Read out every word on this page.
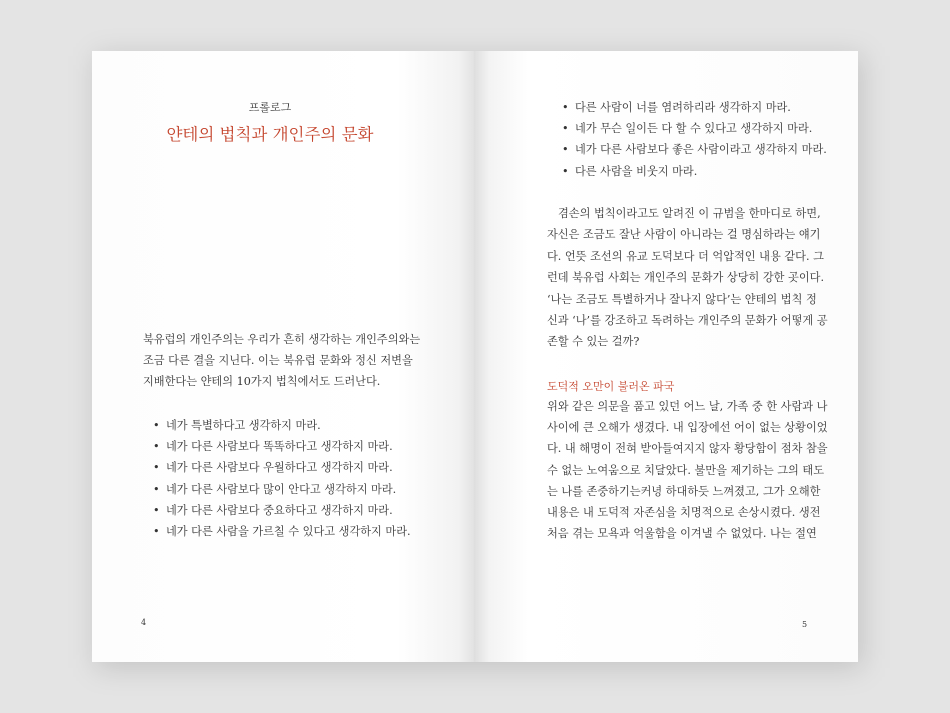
프롤로그
얀테의 법칙과 개인주의 문화
북유럽의 개인주의는 우리가 흔히 생각하는 개인주의와는
조금 다른 결을 지닌다. 이는 북유럽 문화와 정신 저변을
지배한다는 얀테의 10가지 법칙에서도 드러난다.
• 네가 특별하다고 생각하지 마라.
• 네가 다른 사람보다 똑똑하다고 생각하지 마라.
• 네가 다른 사람보다 우월하다고 생각하지 마라.
• 네가 다른 사람보다 많이 안다고 생각하지 마라.
• 네가 다른 사람보다 중요하다고 생각하지 마라.
• 네가 다른 사람을 가르칠 수 있다고 생각하지 마라.
4
• 다른 사람이 너를 염려하리라 생각하지 마라.
• 네가 무슨 일이든 다 할 수 있다고 생각하지 마라.
• 네가 다른 사람보다 좋은 사람이라고 생각하지 마라.
• 다른 사람을 비웃지 마라.
겸손의 법칙이라고도 알려진 이 규범을 한마디로 하면,
자신은 조금도 잘난 사람이 아니라는 걸 명심하라는 얘기
다. 언뜻 조선의 유교 도덕보다 더 억압적인 내용 같다. 그
런데 북유럽 사회는 개인주의 문화가 상당히 강한 곳이다.
‘나는 조금도 특별하거나 잘나지 않다’는 얀테의 법칙 정
신과 ‘나’를 강조하고 독려하는 개인주의 문화가 어떻게 공
존할 수 있는 걸까?
도덕적 오만이 불러온 파국
위와 같은 의문을 품고 있던 어느 날, 가족 중 한 사람과 나
사이에 큰 오해가 생겼다. 내 입장에선 어이 없는 상황이었
다. 내 해명이 전혀 받아들여지지 않자 황당함이 점차 참을
수 없는 노여움으로 치달았다. 불만을 제기하는 그의 태도
는 나를 존중하기는커녕 하대하듯 느껴졌고, 그가 오해한
내용은 내 도덕적 자존심을 치명적으로 손상시켰다. 생전
처음 겪는 모욕과 억울함을 이겨낼 수 없었다. 나는 절연
5
